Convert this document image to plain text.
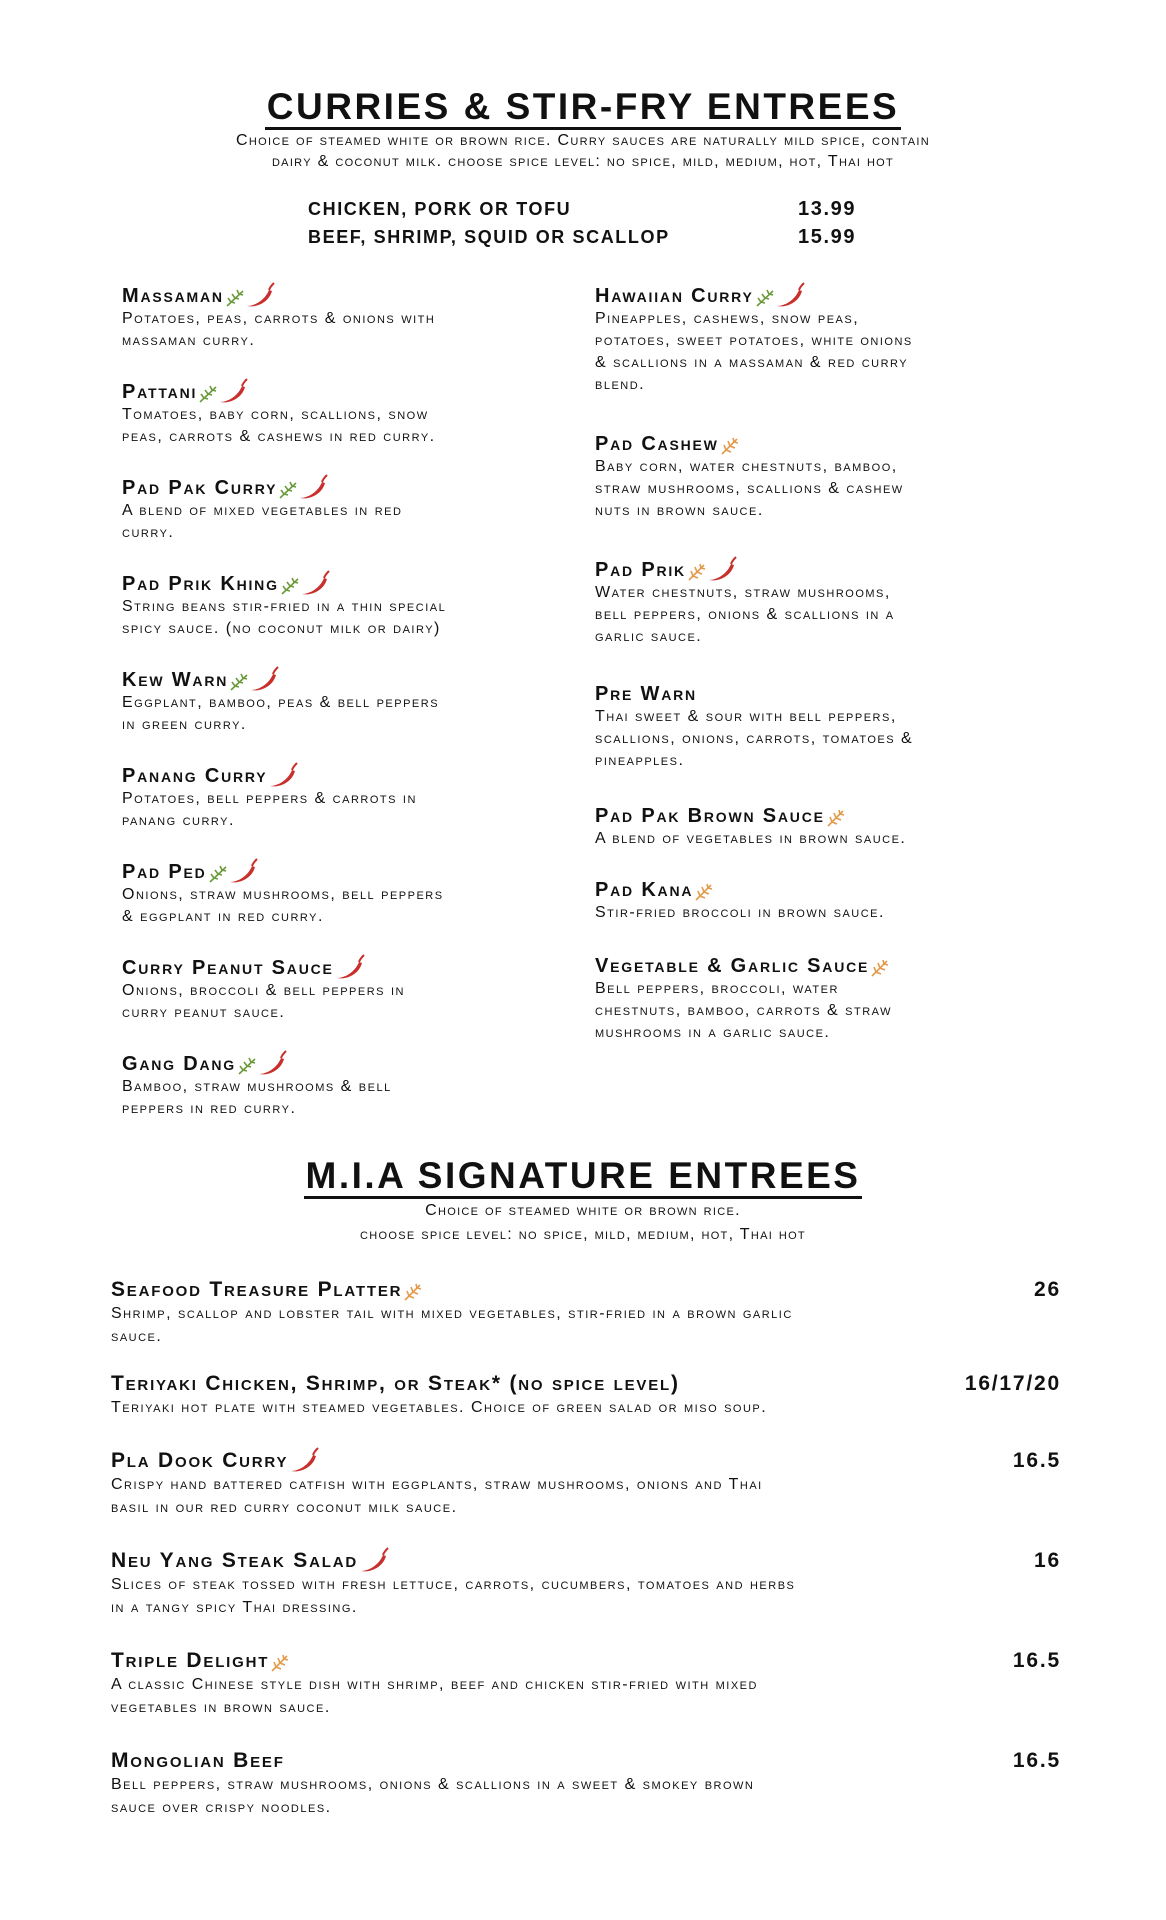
CURRIES & STIR-FRY ENTREES
Choice of steamed white or brown rice. Curry sauces are naturally mild spice, contain
dairy & coconut milk. choose spice level: no spice, mild, medium, hot, Thai hot
CHICKEN, PORK OR TOFU	13.99
BEEF, SHRIMP, SQUID OR SCALLOP	15.99
Massaman
Potatoes, peas, carrots & onions with
massaman curry.
Pattani
Tomatoes, baby corn, scallions, snow
peas, carrots & cashews in red curry.
Pad Pak Curry
A blend of mixed vegetables in red
curry.
Pad Prik Khing
String beans stir-fried in a thin special
spicy sauce. (no coconut milk or dairy)
Kew Warn
Eggplant, bamboo, peas & bell peppers
in green curry.
Panang Curry
Potatoes, bell peppers & carrots in
panang curry.
Pad Ped
Onions, straw mushrooms, bell peppers
& eggplant in red curry.
Curry Peanut Sauce
Onions, broccoli & bell peppers in
curry peanut sauce.
Gang Dang
Bamboo, straw mushrooms & bell
peppers in red curry.
Hawaiian Curry
Pineapples, cashews, snow peas,
potatoes, sweet potatoes, white onions
& scallions in a massaman & red curry
blend.
Pad Cashew
Baby corn, water chestnuts, bamboo,
straw mushrooms, scallions & cashew
nuts in brown sauce.
Pad Prik
Water chestnuts, straw mushrooms,
bell peppers, onions & scallions in a
garlic sauce.
Pre Warn
Thai sweet & sour with bell peppers,
scallions, onions, carrots, tomatoes &
pineapples.
Pad Pak Brown Sauce
A blend of vegetables in brown sauce.
Pad Kana
Stir-fried broccoli in brown sauce.
Vegetable & Garlic Sauce
Bell peppers, broccoli, water
chestnuts, bamboo, carrots & straw
mushrooms in a garlic sauce.
M.I.A SIGNATURE ENTREES
Choice of steamed white or brown rice.
choose spice level: no spice, mild, medium, hot, Thai hot
Seafood Treasure Platter	26
Shrimp, scallop and lobster tail with mixed vegetables, stir-fried in a brown garlic
sauce.
Teriyaki Chicken, Shrimp, or Steak* (no spice level)	16/17/20
Teriyaki hot plate with steamed vegetables. Choice of green salad or miso soup.
Pla Dook Curry	16.5
Crispy hand battered catfish with eggplants, straw mushrooms, onions and Thai
basil in our red curry coconut milk sauce.
Neu Yang Steak Salad	16
Slices of steak tossed with fresh lettuce, carrots, cucumbers, tomatoes and herbs
in a tangy spicy Thai dressing.
Triple Delight	16.5
A classic Chinese style dish with shrimp, beef and chicken stir-fried with mixed
vegetables in brown sauce.
Mongolian Beef	16.5
Bell peppers, straw mushrooms, onions & scallions in a sweet & smokey brown
sauce over crispy noodles.
